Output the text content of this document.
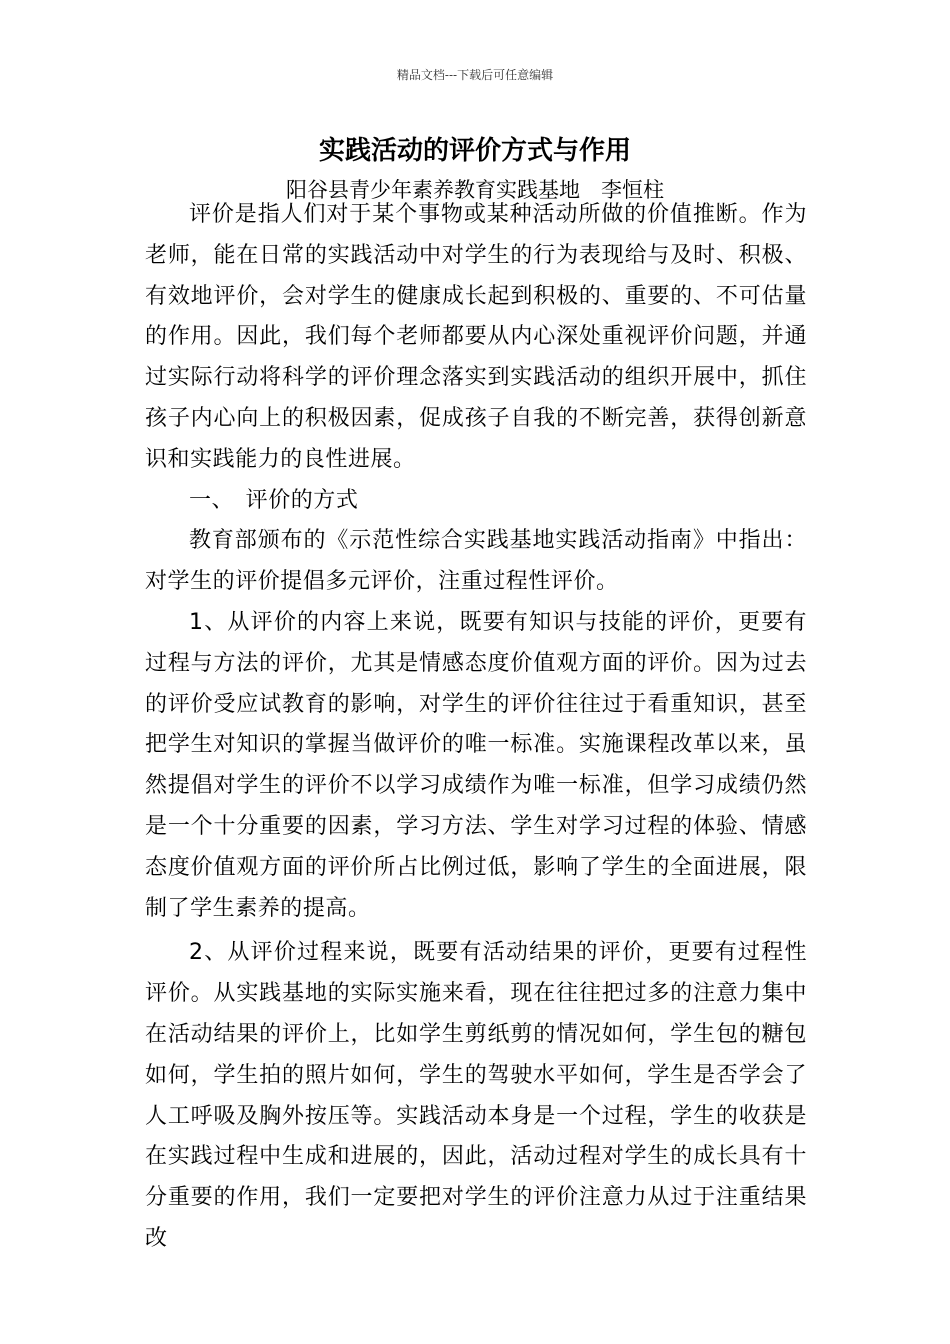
精品文档---下载后可任意编辑
实践活动的评价方式与作用
阳谷县青少年素养教育实践基地　李恒柱

评价是指人们对于某个事物或某种活动所做的价值推断。作为老师，能在日常的实践活动中对学生的行为表现给与及时、积极、有效地评价，会对学生的健康成长起到积极的、重要的、不可估量的作用。因此，我们每个老师都要从内心深处重视评价问题，并通过实际行动将科学的评价理念落实到实践活动的组织开展中，抓住孩子内心向上的积极因素，促成孩子自我的不断完善，获得创新意识和实践能力的良性进展。

一、　评价的方式

教育部颁布的《示范性综合实践基地实践活动指南》中指出：对学生的评价提倡多元评价，注重过程性评价。

1、从评价的内容上来说，既要有知识与技能的评价，更要有过程与方法的评价，尤其是情感态度价值观方面的评价。因为过去的评价受应试教育的影响，对学生的评价往往过于看重知识，甚至把学生对知识的掌握当做评价的唯一标准。实施课程改革以来，虽然提倡对学生的评价不以学习成绩作为唯一标准，但学习成绩仍然是一个十分重要的因素，学习方法、学生对学习过程的体验、情感态度价值观方面的评价所占比例过低，影响了学生的全面进展，限制了学生素养的提高。

2、从评价过程来说，既要有活动结果的评价，更要有过程性评价。从实践基地的实际实施来看，现在往往把过多的注意力集中在活动结果的评价上，比如学生剪纸剪的情况如何，学生包的糖包如何，学生拍的照片如何，学生的驾驶水平如何，学生是否学会了人工呼吸及胸外按压等。实践活动本身是一个过程，学生的收获是在实践过程中生成和进展的，因此，活动过程对学生的成长具有十分重要的作用，我们一定要把对学生的评价注意力从过于注重结果改
